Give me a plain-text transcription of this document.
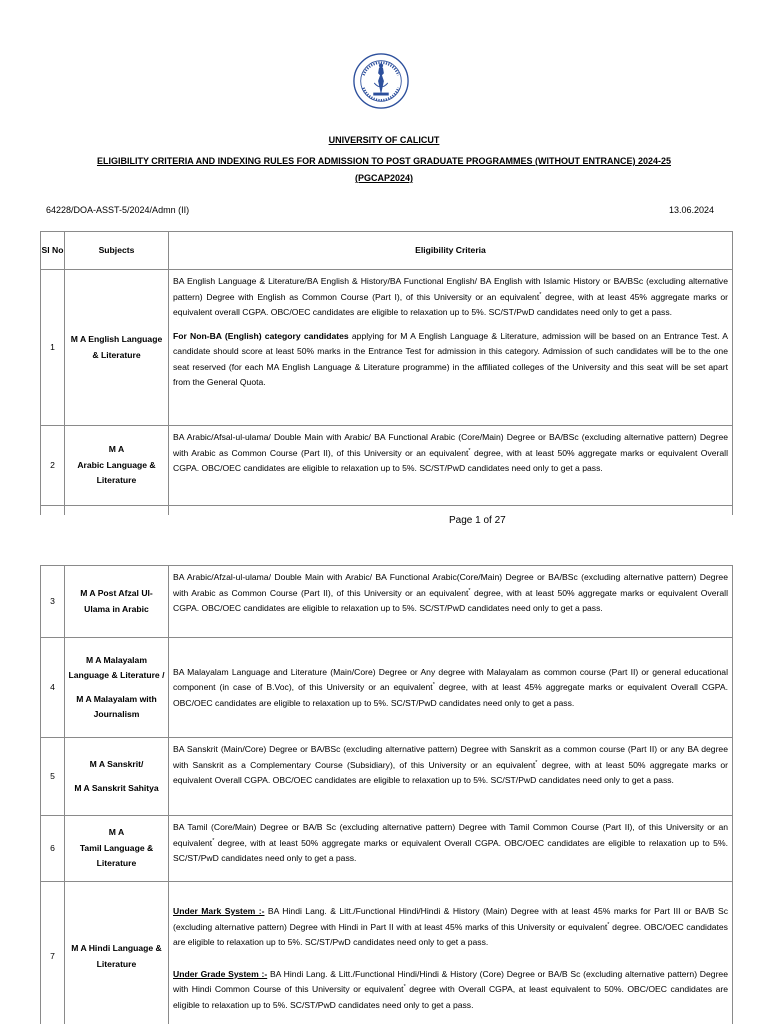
UNIVERSITY OF CALICUT
ELIGIBILITY CRITERIA AND INDEXING RULES FOR ADMISSION TO POST GRADUATE PROGRAMMES (WITHOUT ENTRANCE) 2024-25
(PGCAP2024)
64228/DOA-ASST-5/2024/Admn (II)	13.06.2024
Sl No	Subjects	Eligibility Criteria
1	M A English Language & Literature	BA English Language & Literature/BA English & History/BA Functional English/ BA English with Islamic History or BA/BSc (excluding alternative pattern) Degree with English as Common Course (Part I), of this University or an equivalent* degree, with at least 45% aggregate marks or equivalent overall CGPA. OBC/OEC candidates are eligible to relaxation up to 5%. SC/ST/PwD candidates need only to get a pass.

For Non-BA (English) category candidates applying for M A English Language & Literature, admission will be based on an Entrance Test. A candidate should score at least 50% marks in the Entrance Test for admission in this category. Admission of such candidates will be to the one seat reserved (for each MA English Language & Literature programme) in the affiliated colleges of the University and this seat will be set apart from the General Quota.

2	M A
Arabic Language & Literature	BA Arabic/Afsal-ul-ulama/ Double Main with Arabic/ BA Functional Arabic (Core/Main) Degree or BA/BSc (excluding alternative pattern) Degree with Arabic as Common Course (Part II), of this University or an equivalent* degree, with at least 50% aggregate marks or equivalent Overall CGPA. OBC/OEC candidates are eligible to relaxation up to 5%. SC/ST/PwD candidates need only to get a pass.

Page 1 of 27
3	M A Post Afzal Ul-Ulama in Arabic	BA Arabic/Afzal-ul-ulama/ Double Main with Arabic/ BA Functional Arabic(Core/Main) Degree or BA/BSc (excluding alternative pattern) Degree with Arabic as Common Course (Part II), of this University or an equivalent* degree, with at least 50% aggregate marks or equivalent Overall CGPA. OBC/OEC candidates are eligible to relaxation up to 5%. SC/ST/PwD candidates need only to get a pass.
4	M A Malayalam Language & Literature /
M A Malayalam with Journalism	BA Malayalam Language and Literature (Main/Core) Degree or Any degree with Malayalam as common course (Part II) or general educational component (in case of B.Voc), of this University or an equivalent* degree, with at least 45% aggregate marks or equivalent Overall CGPA. OBC/OEC candidates are eligible to relaxation up to 5%. SC/ST/PwD candidates need only to get a pass.
5	M A Sanskrit/
M A Sanskrit Sahitya	BA Sanskrit (Main/Core) Degree or BA/BSc (excluding alternative pattern) Degree with Sanskrit as a common course (Part II) or any BA degree with Sanskrit as a Complementary Course (Subsidiary), of this University or an equivalent* degree, with at least 50% aggregate marks or equivalent Overall CGPA. OBC/OEC candidates are eligible to relaxation up to 5%. SC/ST/PwD candidates need only to get a pass.
6	M A
Tamil Language & Literature	BA Tamil (Core/Main) Degree or BA/B Sc (excluding alternative pattern) Degree with Tamil Common Course (Part II), of this University or an equivalent* degree, with at least 50% aggregate marks or equivalent Overall CGPA. OBC/OEC candidates are eligible to relaxation up to 5%. SC/ST/PwD candidates need only to get a pass.
7	M A Hindi Language & Literature	Under Mark System :- BA Hindi Lang. & Litt./Functional Hindi/Hindi & History (Main) Degree with at least 45% marks for Part III or BA/B Sc (excluding alternative pattern) Degree with Hindi in Part II with at least 45% marks of this University or equivalent* degree. OBC/OEC candidates are eligible to relaxation up to 5%. SC/ST/PwD candidates need only to get a pass.

Under Grade System :- BA Hindi Lang. & Litt./Functional Hindi/Hindi & History (Core) Degree or BA/B Sc (excluding alternative pattern) Degree with Hindi Common Course of this University or equivalent* degree with Overall CGPA, at least equivalent to 50%. OBC/OEC candidates are eligible to relaxation up to 5%. SC/ST/PwD candidates need only to get a pass.
